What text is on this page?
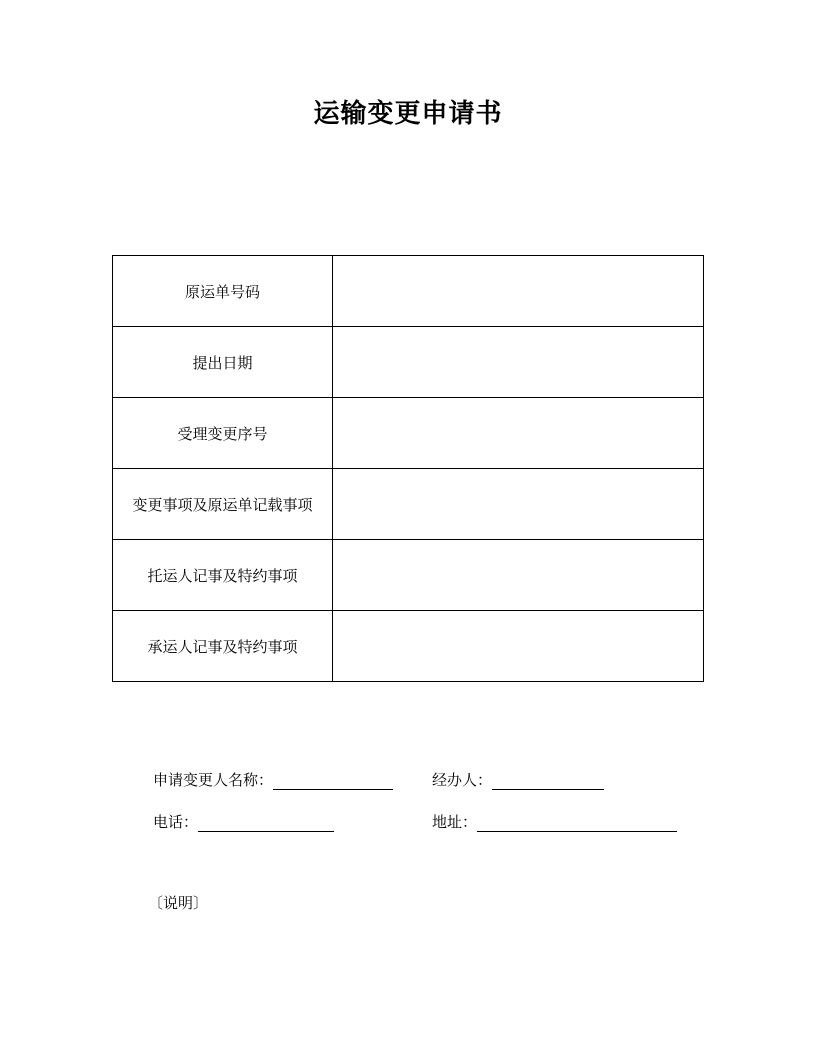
运输变更申请书
原运单号码	
提出日期	
受理变更序号	
变更事项及原运单记载事项	
托运人记事及特约事项	
承运人记事及特约事项	
申请变更人名称：	经办人：
电话：	地址：
〔说明〕
